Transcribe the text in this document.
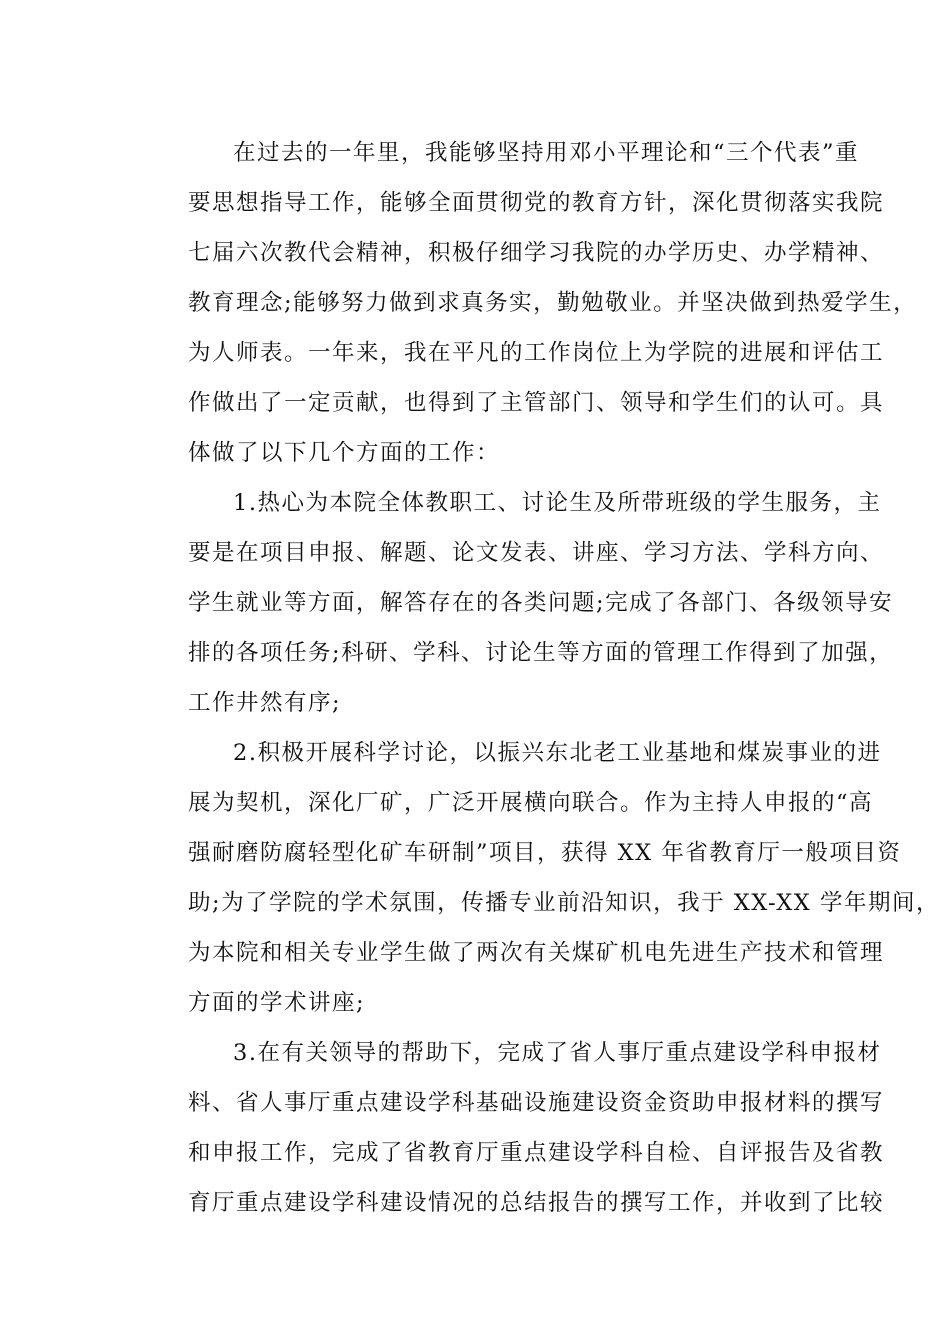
在过去的一年里，我能够坚持用邓小平理论和“三个代表”重
要思想指导工作，能够全面贯彻党的教育方针，深化贯彻落实我院
七届六次教代会精神，积极仔细学习我院的办学历史、办学精神、
教育理念;能够努力做到求真务实，勤勉敬业。并坚决做到热爱学生，
为人师表。一年来，我在平凡的工作岗位上为学院的进展和评估工
作做出了一定贡献，也得到了主管部门、领导和学生们的认可。具
体做了以下几个方面的工作：
1.热心为本院全体教职工、讨论生及所带班级的学生服务，主
要是在项目申报、解题、论文发表、讲座、学习方法、学科方向、
学生就业等方面，解答存在的各类问题;完成了各部门、各级领导安
排的各项任务;科研、学科、讨论生等方面的管理工作得到了加强，
工作井然有序;
2.积极开展科学讨论，以振兴东北老工业基地和煤炭事业的进
展为契机，深化厂矿，广泛开展横向联合。作为主持人申报的“高
强耐磨防腐轻型化矿车研制”项目，获得 XX 年省教育厅一般项目资
助;为了学院的学术氛围，传播专业前沿知识，我于 XX-XX 学年期间，
为本院和相关专业学生做了两次有关煤矿机电先进生产技术和管理
方面的学术讲座;
3.在有关领导的帮助下，完成了省人事厅重点建设学科申报材
料、省人事厅重点建设学科基础设施建设资金资助申报材料的撰写
和申报工作，完成了省教育厅重点建设学科自检、自评报告及省教
育厅重点建设学科建设情况的总结报告的撰写工作，并收到了比较
